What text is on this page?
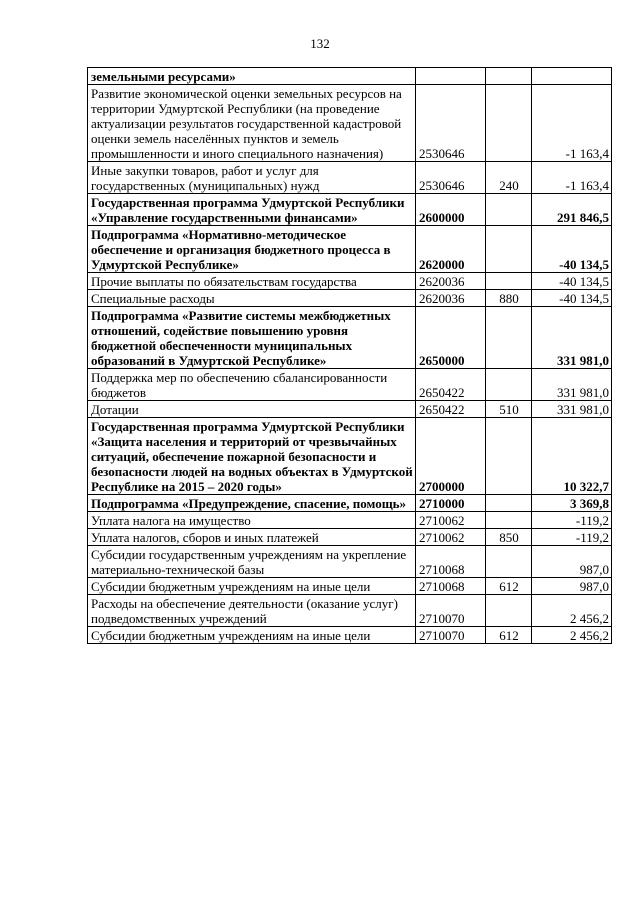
132
земельными ресурсами»			
Развитие экономической оценки земельных ресурсов на территории Удмуртской Республики (на проведение актуализации результатов государственной кадастровой оценки земель населённых пунктов и земель промышленности и иного специального назначения)	2530646		-1 163,4
Иные закупки товаров, работ и услуг для государственных (муниципальных) нужд	2530646	240	-1 163,4
Государственная программа Удмуртской Республики «Управление государственными финансами»	2600000		291 846,5
Подпрограмма «Нормативно-методическое обеспечение и организация бюджетного процесса в Удмуртской Республике»	2620000		-40 134,5
Прочие выплаты по обязательствам государства	2620036		-40 134,5
Специальные расходы	2620036	880	-40 134,5
Подпрограмма «Развитие системы межбюджетных отношений, содействие повышению уровня бюджетной обеспеченности муниципальных образований в Удмуртской Республике»	2650000		331 981,0
Поддержка мер по обеспечению сбалансированности бюджетов	2650422		331 981,0
Дотации	2650422	510	331 981,0
Государственная программа Удмуртской Республики «Защита населения и территорий от чрезвычайных ситуаций, обеспечение пожарной безопасности и безопасности людей на водных объектах в Удмуртской Республике на 2015 – 2020 годы»	2700000		10 322,7
Подпрограмма «Предупреждение, спасение, помощь»	2710000		3 369,8
Уплата налога на имущество	2710062		-119,2
Уплата налогов, сборов и иных платежей	2710062	850	-119,2
Субсидии государственным учреждениям на укрепление материально-технической базы	2710068		987,0
Субсидии бюджетным учреждениям на иные цели	2710068	612	987,0
Расходы на обеспечение деятельности (оказание услуг) подведомственных учреждений	2710070		2 456,2
Субсидии бюджетным учреждениям на иные цели	2710070	612	2 456,2
